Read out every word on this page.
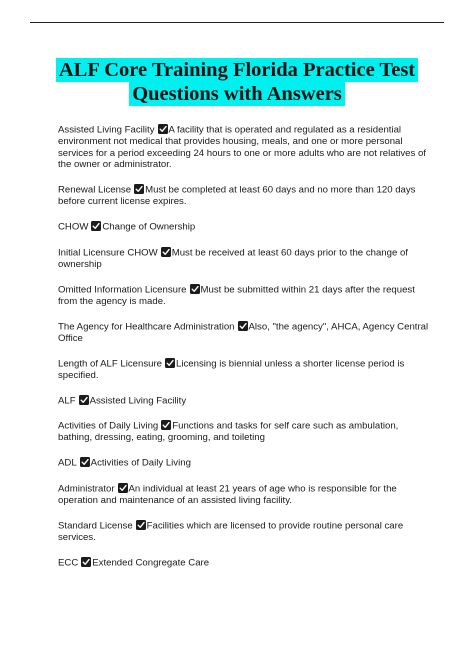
ALF Core Training Florida Practice Test
Questions with Answers
Assisted Living Facility A facility that is operated and regulated as a residential environment not medical that provides housing, meals, and one or more personal services for a period exceeding 24 hours to one or more adults who are not relatives of the owner or administrator.
Renewal License Must be completed at least 60 days and no more than 120 days before current license expires.
CHOW Change of Ownership
Initial Licensure CHOW Must be received at least 60 days prior to the change of ownership
Omitted Information Licensure Must be submitted within 21 days after the request from the agency is made.
The Agency for Healthcare Administration Also, "the agency", AHCA, Agency Central Office
Length of ALF Licensure Licensing is biennial unless a shorter license period is specified.
ALF Assisted Living Facility
Activities of Daily Living Functions and tasks for self care such as ambulation, bathing, dressing, eating, grooming, and toileting
ADL Activities of Daily Living
Administrator An individual at least 21 years of age who is responsible for the operation and maintenance of an assisted living facility.
Standard License Facilities which are licensed to provide routine personal care services.
ECC Extended Congregate Care
